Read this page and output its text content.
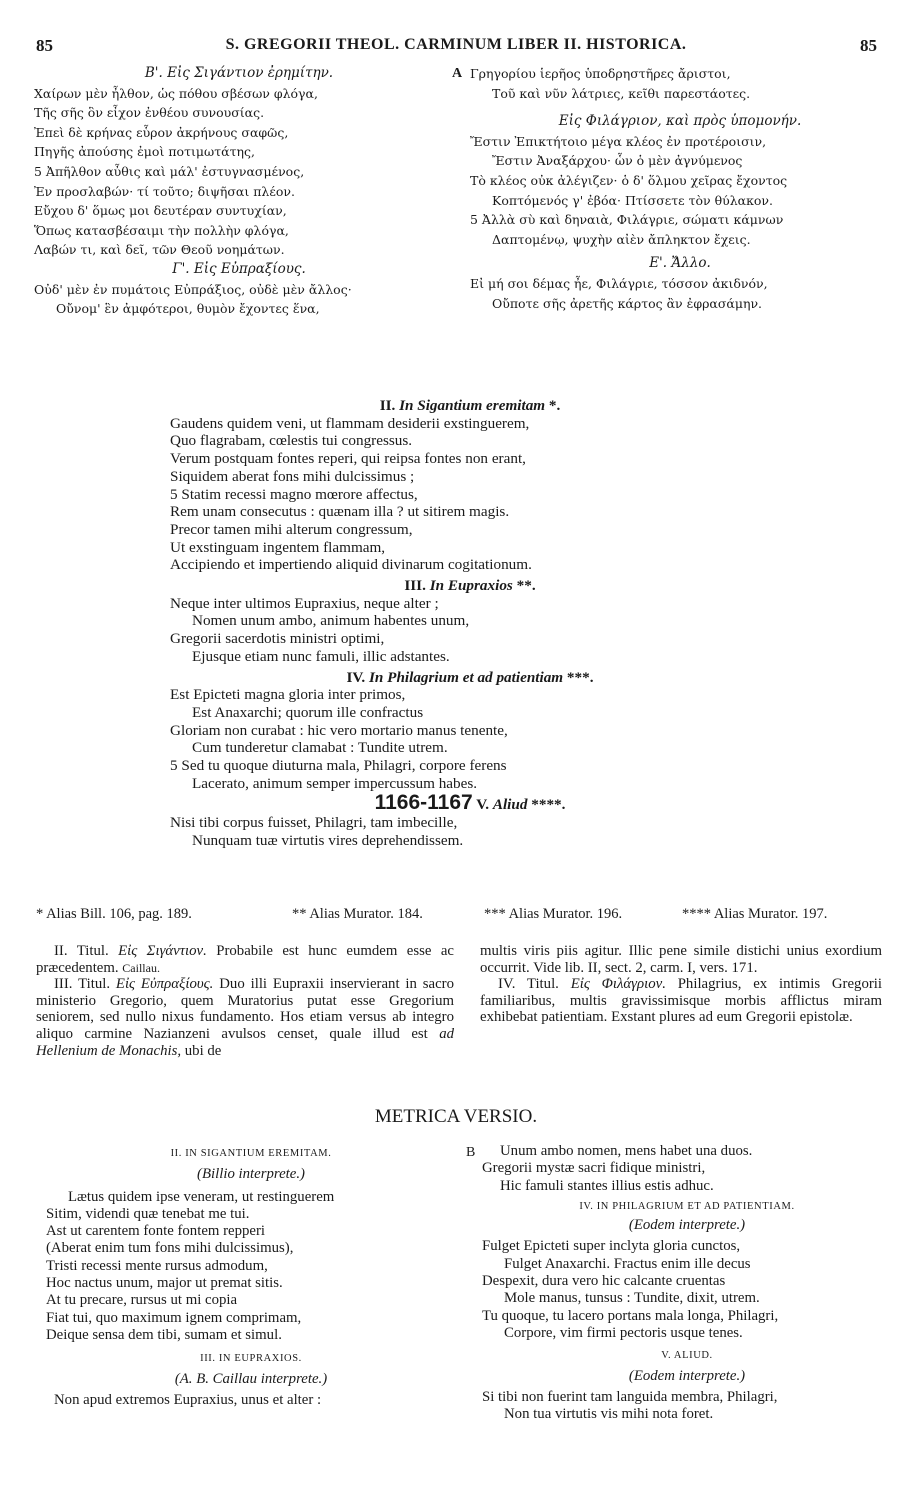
85	S. GREGORII THEOL. CARMINUM LIBER II. HISTORICA.	85
Β'. Εἰς Σιγάντιον ἐρημίτην.
Χαίρων μὲν ἦλθον, ὡς πόθου σβέσων φλόγα,
Τῆς σῆς ὃν εἶχον ἐνθέου συνουσίας.
Ἐπεὶ δὲ κρήνας εὗρον ἀκρήνους σαφῶς,
Πηγῆς ἀπούσης ἐμοὶ ποτιμωτάτης,
5 Ἀπῆλθον αὖθις καὶ μάλ' ἐστυγνασμένος,
Ἐν προσλαβών· τί τοῦτο; διψῆσαι πλέον.
Εὔχου δ' ὅμως μοι δευτέραν συντυχίαν,
Ὅπως κατασβέσαιμι τὴν πολλὴν φλόγα,
Λαβών τι, καὶ δεῖ, τῶν Θεοῦ νοημάτων.
Γ'. Εἰς Εὐπραξίους.
Οὐδ' μὲν ἐν πυμάτοις Εὐπράξιος, οὐδὲ μὲν ἄλλος·
Οὔνομ' ἓν ἀμφότεροι, θυμὸν ἔχοντες ἕνα,
A Γρηγορίου ἱερῆος ὑποδρηστῆρες ἄριστοι,
Τοῦ καὶ νῦν λάτριες, κεῖθι παρεστάοτες.
Εἰς Φιλάγριον, καὶ πρὸς ὑπομονήν.
Ἔστιν Ἐπικτήτοιο μέγα κλέος ἐν προτέροισιν,
Ἔστιν Ἀναξάρχου· ὧν ὁ μὲν ἀγνύμενος
Τὸ κλέος οὐκ ἀλέγιζεν· ὁ δ' ὅλμου χεῖρας ἔχοντος
Κοπτόμενός γ' ἐβόα· Πτίσσετε τὸν θύλακον.
5 Ἀλλὰ σὺ καὶ δηναιὰ, Φιλάγριε, σώματι κάμνων
Δαπτομένῳ, ψυχὴν αἰὲν ἄπληκτον ἔχεις.
Ε'. Ἄλλο.
Εἰ μή σοι δέμας ἦε, Φιλάγριε, τόσσον ἀκιδνόν,
Οὔποτε σῆς ἀρετῆς κάρτος ἂν ἐφρασάμην.
II. In Sigantium eremitam *.
Gaudens quidem veni, ut flammam desiderii exstinguerem,
Quo flagrabam, cœlestis tui congressus.
Verum postquam fontes reperi, qui reipsa fontes non erant,
Siquidem aberat fons mihi dulcissimus ;
5 Statim recessi magno mœrore affectus,
Rem unam consecutus : quænam illa ? ut sitirem magis.
Precor tamen mihi alterum congressum,
Ut exstinguam ingentem flammam,
Accipiendo et impertiendo aliquid divinarum cogitationum.
III. In Eupraxios **.
Neque inter ultimos Eupraxius, neque alter ;
Nomen unum ambo, animum habentes unum,
Gregorii sacerdotis ministri optimi,
Ejusque etiam nunc famuli, illic adstantes.
IV. In Philagrium et ad patientiam ***.
Est Epicteti magna gloria inter primos,
Est Anaxarchi; quorum ille confractus
Gloriam non curabat : hic vero mortario manus tenente,
Cum tunderetur clamabat : Tundite utrem.
5 Sed tu quoque diuturna mala, Philagri, corpore ferens
Lacerato, animum semper impercussum habes.
1166-1167 V. Aliud ****.
Nisi tibi corpus fuisset, Philagri, tam imbecille,
Nunquam tuæ virtutis vires deprehendissem.
* Alias Bill. 106, pag. 189.	** Alias Murator. 184.	*** Alias Murator. 196.	**** Alias Murator. 197.

II. Titul. Εἰς Σιγάντιον. Probabile est hunc eumdem esse ac præcedentem. Caillau.

III. Titul. Εἰς Εὐπραξίους. Duo illi Eupraxii inservierant in sacro ministerio Gregorio, quem Muratorius putat esse Gregorium seniorem, sed nullo nixus fundamento. Hos etiam versus ab integro aliquo carmine Nazianzeni avulsos censet, quale illud est ad Hellenium de Monachis, ubi de

multis viris piis agitur. Illic pene simile distichi unius exordium occurrit. Vide lib. II, sect. 2, carm. I, vers. 171.

IV. Titul. Εἰς Φιλάγριον. Philagrius, ex intimis Gregorii familiaribus, multis gravissimisque morbis afflictus miram exhibebat patientiam. Exstant plures ad eum Gregorii epistolæ.

METRICA VERSIO.
II. IN SIGANTIUM EREMITAM.
(Billio interprete.)
Lætus quidem ipse veneram, ut restinguerem
Sitim, videndi quæ tenebat me tui.
Ast ut carentem fonte fontem repperi
(Aberat enim tum fons mihi dulcissimus),
Tristi recessi mente rursus admodum,
Hoc nactus unum, major ut premat sitis.
At tu precare, rursus ut mi copia
Fiat tui, quo maximum ignem comprimam,
Deique sensa dem tibi, sumam et simul.
III. IN EUPRAXIOS.
(A. B. Caillau interprete.)
Non apud extremos Eupraxius, unus et alter :
B	Unum ambo nomen, mens habet una duos.
Gregorii mystæ sacri fidique ministri,
Hic famuli stantes illius estis adhuc.
IV. IN PHILAGRIUM ET AD PATIENTIAM.
(Eodem interprete.)
Fulget Epicteti super inclyta gloria cunctos,
Fulget Anaxarchi. Fractus enim ille decus
Despexit, dura vero hic calcante cruentas
Mole manus, tunsus : Tundite, dixit, utrem.
Tu quoque, tu lacero portans mala longa, Philagri,
Corpore, vim firmi pectoris usque tenes.
V. ALIUD.
(Eodem interprete.)
Si tibi non fuerint tam languida membra, Philagri,
Non tua virtutis vis mihi nota foret.
